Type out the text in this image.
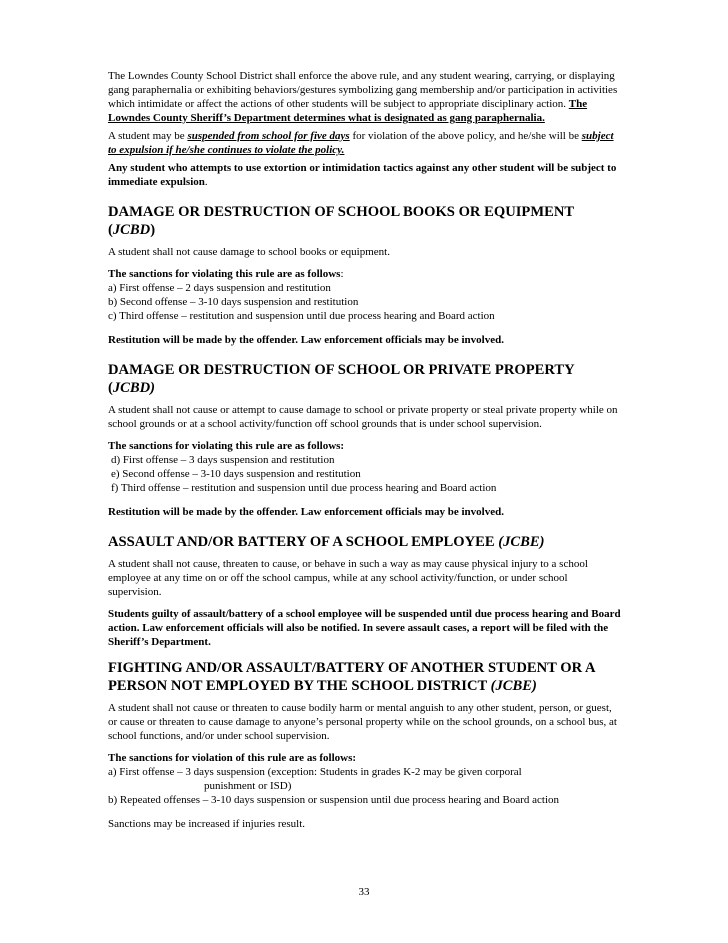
The Lowndes County School District shall enforce the above rule, and any student wearing, carrying, or displaying gang paraphernalia or exhibiting behaviors/gestures symbolizing gang membership and/or participation in activities which intimidate or affect the actions of other students will be subject to appropriate disciplinary action. The Lowndes County Sheriff’s Department determines what is designated as gang paraphernalia.

A student may be suspended from school for five days for violation of the above policy, and he/she will be subject to expulsion if he/she continues to violate the policy.

Any student who attempts to use extortion or intimidation tactics against any other student will be subject to immediate expulsion.

DAMAGE OR DESTRUCTION OF SCHOOL BOOKS OR EQUIPMENT (JCBD)

A student shall not cause damage to school books or equipment.

The sanctions for violating this rule are as follows:

a) First offense – 2 days suspension and restitution
b) Second offense – 3-10 days suspension and restitution
c) Third offense – restitution and suspension until due process hearing and Board action

Restitution will be made by the offender. Law enforcement officials may be involved.

DAMAGE OR DESTRUCTION OF SCHOOL OR PRIVATE PROPERTY (JCBD)

A student shall not cause or attempt to cause damage to school or private property or steal private property while on school grounds or at a school activity/function off school grounds that is under school supervision.

The sanctions for violating this rule are as follows:

d) First offense – 3 days suspension and restitution
e) Second offense – 3-10 days suspension and restitution
f) Third offense – restitution and suspension until due process hearing and Board action

Restitution will be made by the offender. Law enforcement officials may be involved.

ASSAULT AND/OR BATTERY OF A SCHOOL EMPLOYEE (JCBE)

A student shall not cause, threaten to cause, or behave in such a way as may cause physical injury to a school employee at any time on or off the school campus, while at any school activity/function, or under school supervision.

Students guilty of assault/battery of a school employee will be suspended until due process hearing and Board action. Law enforcement officials will also be notified. In severe assault cases, a report will be filed with the Sheriff’s Department.

FIGHTING AND/OR ASSAULT/BATTERY OF ANOTHER STUDENT OR A
PERSON NOT EMPLOYED BY THE SCHOOL DISTRICT (JCBE)

A student shall not cause or threaten to cause bodily harm or mental anguish to any other student, person, or guest, or cause or threaten to cause damage to anyone’s personal property while on the school grounds, on a school bus, at school functions, and/or under school supervision.

The sanctions for violation of this rule are as follows:

a) First offense – 3 days suspension (exception: Students in grades K-2 may be given corporal
punishment or ISD)
b) Repeated offenses – 3-10 days suspension or suspension until due process hearing and Board action

Sanctions may be increased if injuries result.

33
